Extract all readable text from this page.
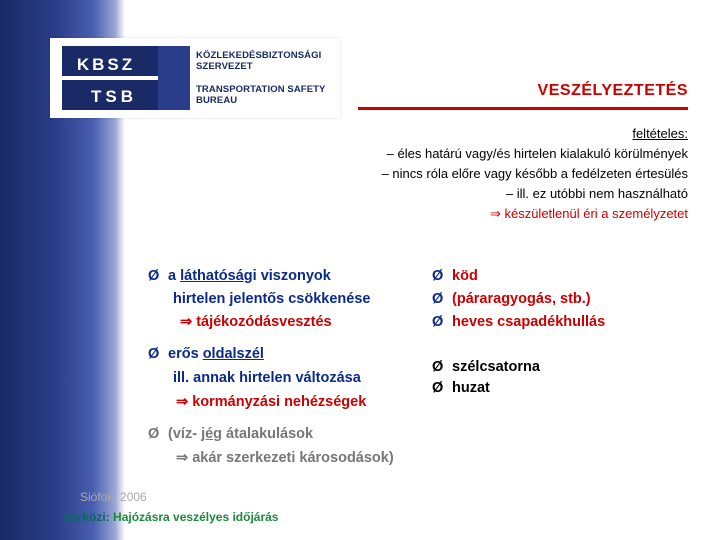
KBSZ
TSB
KÖZLEKEDÉSBIZTONSÁGI
SZERVEZET
TRANSPORTATION SAFETY
BUREAU
VESZÉLYEZTETÉS
feltételes:
– éles határú vagy/és hirtelen kialakuló körülmények
– nincs róla előre vagy később a fedélzeten értesülés
– ill. ez utóbbi nem használható
⇒ készületlenül éri a személyzetet
Ø a láthatósági viszonyok
hirtelen jelentős csökkenése
⇒ tájékozódásvesztés
Ø köd
Ø (páraragyogás, stb.)
Ø heves csapadékhullás
Ø erős oldalszél
ill. annak hirtelen változása
⇒ kormányzási nehézségek
Ø szélcsatorna
Ø huzat
Ø (víz- jég átalakulások
⇒ akár szerkezeti károsodások)
Siófok, 2006
Sárközi: Hajózásra veszélyes időjárás
